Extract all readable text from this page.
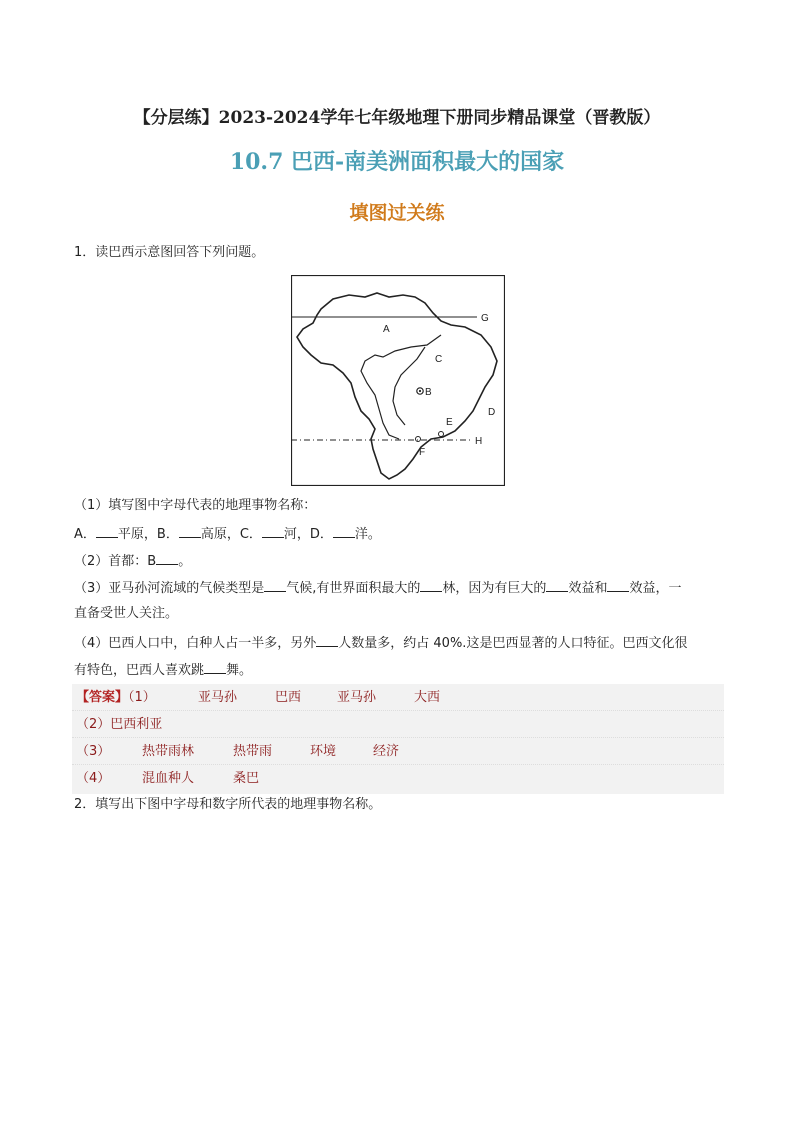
【分层练】2023-2024学年七年级地理下册同步精品课堂（晋教版）
10.7 巴西-南美洲面积最大的国家
填图过关练
1．读巴西示意图回答下列问题。
A
B
C
D
E
F
G
H
（1）填写图中字母代表的地理事物名称：
A． 平原，B． 高原，C． 河，D． 洋。
（2）首都：B 。
（3）亚马孙河流域的气候类型是 气候,有世界面积最大的 林，因为有巨大的 效益和 效益，一
直备受世人关注。
（4）巴西人口中，白种人占一半多，另外 人数量多，约占 40%.这是巴西显著的人口特征。巴西文化很
有特色，巴西人喜欢跳 舞。
【答案】（1）	亚马孙	巴西	亚马孙	大西
（2）巴西利亚
（3） 热带雨林	热带雨	环境	经济
（4） 混血种人	桑巴
2．填写出下图中字母和数字所代表的地理事物名称。
